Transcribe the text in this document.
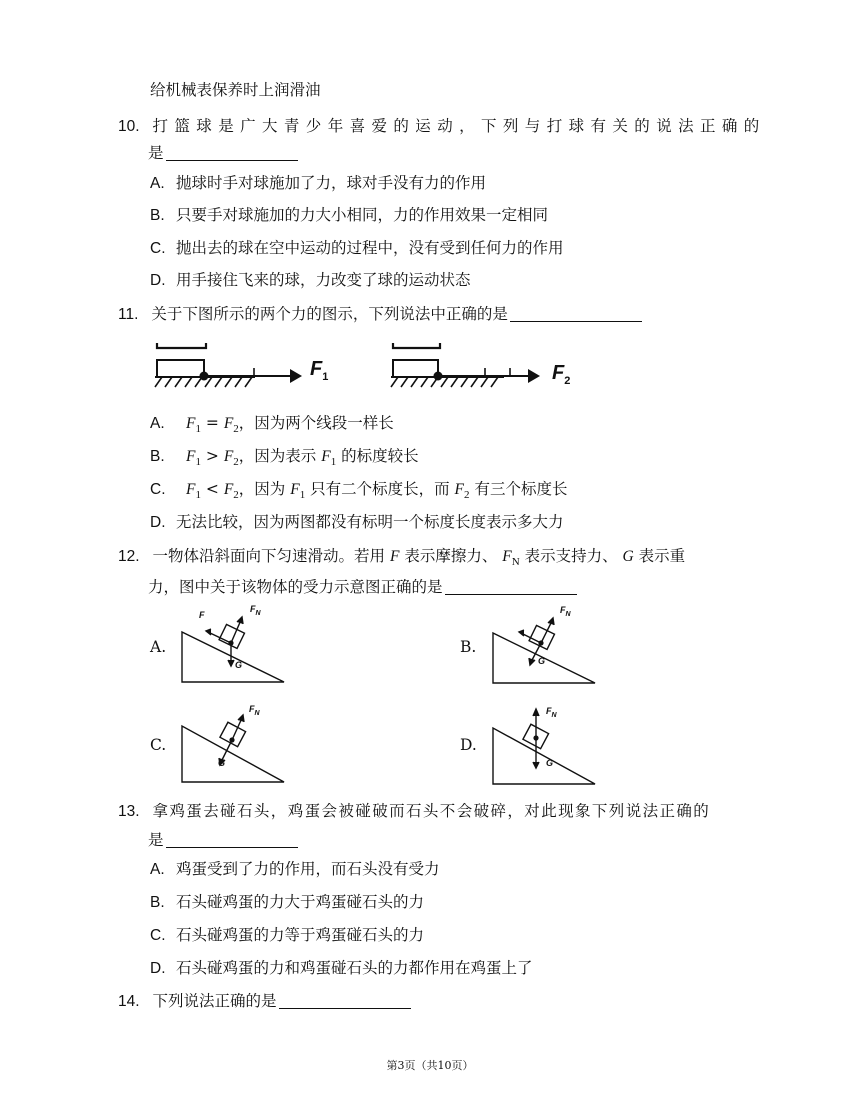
给机械表保养时上润滑油
10. 打篮球是广大青少年喜爱的运动，下列与打球有关的说法正确的
是
A. 抛球时手对球施加了力，球对手没有力的作用
B. 只要手对球施加的力大小相同，力的作用效果一定相同
C. 抛出去的球在空中运动的过程中，没有受到任何力的作用
D. 用手接住飞来的球，力改变了球的运动状态
11. 关于下图所示的两个力的图示，下列说法中正确的是
$F_1$	$F_2$
A. $F_1 = F_2$，因为两个线段一样长
B. $F_1 > F_2$，因为表示 $F_1$ 的标度较长
C. $F_1 < F_2$，因为 $F_1$ 只有二个标度长，而 $F_2$ 有三个标度长
D. 无法比较，因为两图都没有标明一个标度长度表示多大力
12. 一物体沿斜面向下匀速滑动。若用 F 表示摩擦力、 $F_N$ 表示支持力、 G 表示重
力，图中关于该物体的受力示意图正确的是
A.
F
$F_N$
G
B.
$F_N$
G
C.
$F_N$
G
D.
$F_N$
G
13. 拿鸡蛋去碰石头，鸡蛋会被碰破而石头不会破碎，对此现象下列说法正确的
是
A. 鸡蛋受到了力的作用，而石头没有受力
B. 石头碰鸡蛋的力大于鸡蛋碰石头的力
C. 石头碰鸡蛋的力等于鸡蛋碰石头的力
D. 石头碰鸡蛋的力和鸡蛋碰石头的力都作用在鸡蛋上了
14. 下列说法正确的是
第3页（共10页）
